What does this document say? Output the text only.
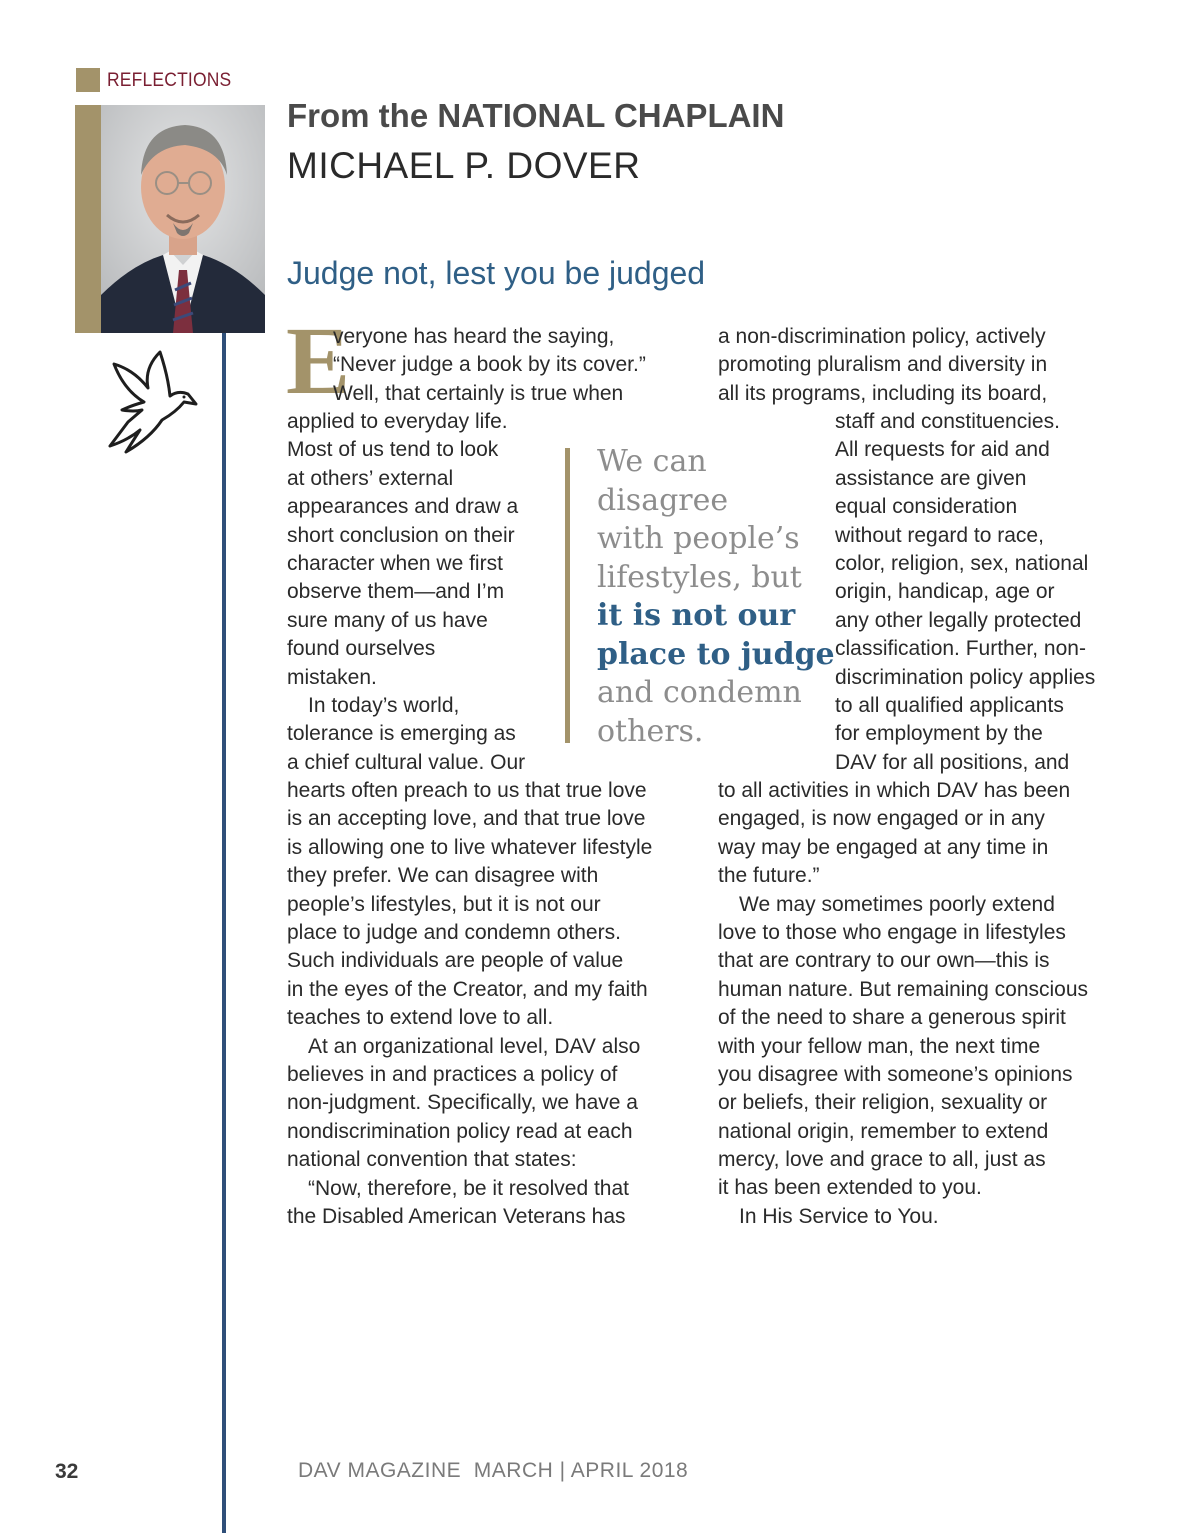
REFLECTIONS
From the NATIONAL CHAPLAIN
MICHAEL P. DOVER
Judge not, lest you be judged
E
veryone has heard the saying,
“Never judge a book by its cover.”
Well, that certainly is true when
applied to everyday life.
Most of us tend to look
at others’ external
appearances and draw a
short conclusion on their
character when we first
observe them—and I’m
sure many of us have
found ourselves
mistaken.
In today’s world,
tolerance is emerging as
a chief cultural value. Our
hearts often preach to us that true love
is an accepting love, and that true love
is allowing one to live whatever lifestyle
they prefer. We can disagree with
people’s lifestyles, but it is not our
place to judge and condemn others.
Such individuals are people of value
in the eyes of the Creator, and my faith
teaches to extend love to all.
At an organizational level, DAV also
believes in and practices a policy of
non-judgment. Specifically, we have a
nondiscrimination policy read at each
national convention that states:
“Now, therefore, be it resolved that
the Disabled American Veterans has
a non-discrimination policy, actively
promoting pluralism and diversity in
all its programs, including its board,
staff and constituencies.
All requests for aid and
assistance are given
equal consideration
without regard to race,
color, religion, sex, national
origin, handicap, age or
any other legally protected
classification. Further, non-
discrimination policy applies
to all qualified applicants
for employment by the
DAV for all positions, and
to all activities in which DAV has been
engaged, is now engaged or in any
way may be engaged at any time in
the future.”
We may sometimes poorly extend
love to those who engage in lifestyles
that are contrary to our own—this is
human nature. But remaining conscious
of the need to share a generous spirit
with your fellow man, the next time
you disagree with someone’s opinions
or beliefs, their religion, sexuality or
national origin, remember to extend
mercy, love and grace to all, just as
it has been extended to you.
In His Service to You.
We can
disagree
with people’s
lifestyles, but
it is not our
place to judge
and condemn
others.
32	DAV MAGAZINE  MARCH | APRIL 2018
